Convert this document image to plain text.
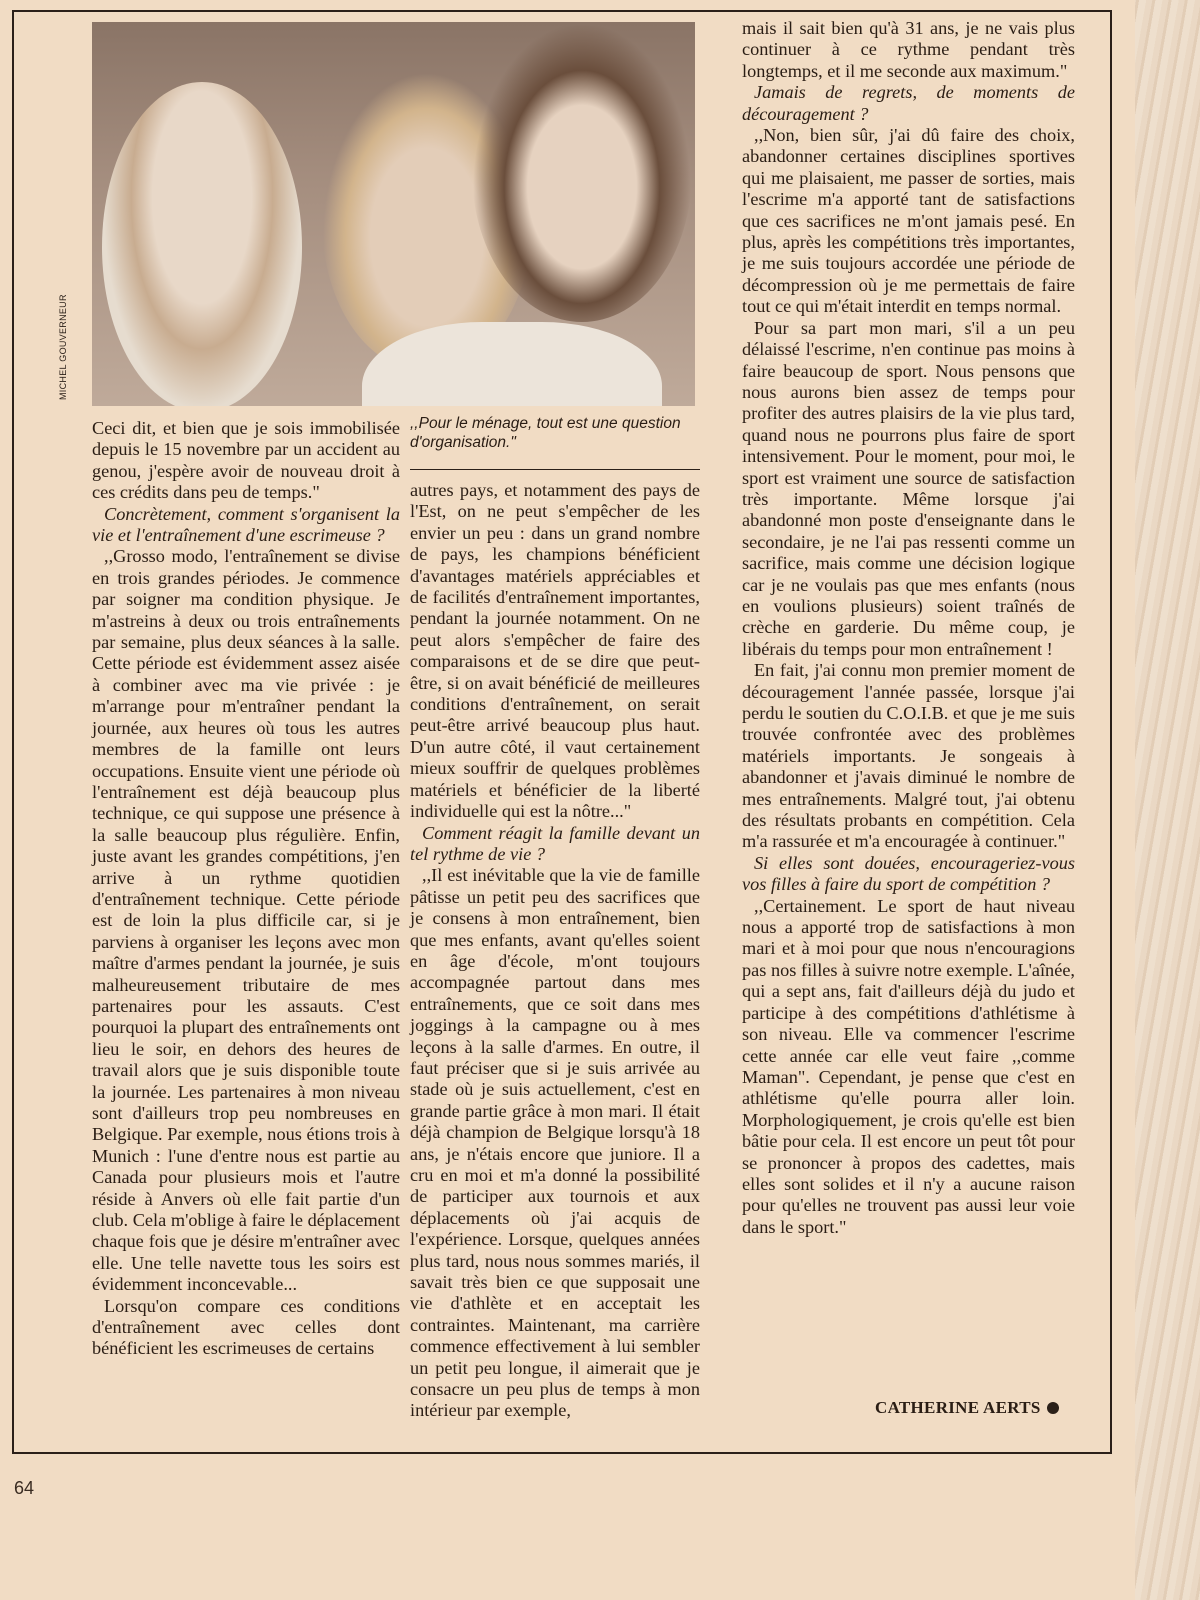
MICHEL GOUVERNEUR

Ceci dit, et bien que je sois immobilisée depuis le 15 novembre par un accident au genou, j'espère avoir de nouveau droit à ces crédits dans peu de temps."

Concrètement, comment s'organisent la vie et l'entraînement d'une escrimeuse ?

,,Grosso modo, l'entraînement se divise en trois grandes périodes. Je commence par soigner ma condition physique. Je m'astreins à deux ou trois entraînements par semaine, plus deux séances à la salle. Cette période est évidemment assez aisée à combiner avec ma vie privée : je m'arrange pour m'entraîner pendant la journée, aux heures où tous les autres membres de la famille ont leurs occupations. Ensuite vient une période où l'entraînement est déjà beaucoup plus technique, ce qui suppose une présence à la salle beaucoup plus régulière. Enfin, juste avant les grandes compétitions, j'en arrive à un rythme quotidien d'entraînement technique. Cette période est de loin la plus difficile car, si je parviens à organiser les leçons avec mon maître d'armes pendant la journée, je suis malheureusement tributaire de mes partenaires pour les assauts. C'est pourquoi la plupart des entraînements ont lieu le soir, en dehors des heures de travail alors que je suis disponible toute la journée. Les partenaires à mon niveau sont d'ailleurs trop peu nombreuses en Belgique. Par exemple, nous étions trois à Munich : l'une d'entre nous est partie au Canada pour plusieurs mois et l'autre réside à Anvers où elle fait partie d'un club. Cela m'oblige à faire le déplacement chaque fois que je désire m'entraîner avec elle. Une telle navette tous les soirs est évidemment inconcevable...

Lorsqu'on compare ces conditions d'entraînement avec celles dont bénéficient les escrimeuses de certains

,,Pour le ménage, tout est une question d'organisation."

autres pays, et notamment des pays de l'Est, on ne peut s'empêcher de les envier un peu : dans un grand nombre de pays, les champions bénéficient d'avantages matériels appréciables et de facilités d'entraînement importantes, pendant la journée notamment. On ne peut alors s'empêcher de faire des comparaisons et de se dire que peut-être, si on avait bénéficié de meilleures conditions d'entraînement, on serait peut-être arrivé beaucoup plus haut. D'un autre côté, il vaut certainement mieux souffrir de quelques problèmes matériels et bénéficier de la liberté individuelle qui est la nôtre..."

Comment réagit la famille devant un tel rythme de vie ?

,,Il est inévitable que la vie de famille pâtisse un petit peu des sacrifices que je consens à mon entraînement, bien que mes enfants, avant qu'elles soient en âge d'école, m'ont toujours accompagnée partout dans mes entraînements, que ce soit dans mes joggings à la campagne ou à mes leçons à la salle d'armes. En outre, il faut préciser que si je suis arrivée au stade où je suis actuellement, c'est en grande partie grâce à mon mari. Il était déjà champion de Belgique lorsqu'à 18 ans, je n'étais encore que juniore. Il a cru en moi et m'a donné la possibilité de participer aux tournois et aux déplacements où j'ai acquis de l'expérience. Lorsque, quelques années plus tard, nous nous sommes mariés, il savait très bien ce que supposait une vie d'athlète et en acceptait les contraintes. Maintenant, ma carrière commence effectivement à lui sembler un petit peu longue, il aimerait que je consacre un peu plus de temps à mon intérieur par exemple,

mais il sait bien qu'à 31 ans, je ne vais plus continuer à ce rythme pendant très longtemps, et il me seconde aux maximum."

Jamais de regrets, de moments de découragement ?

,,Non, bien sûr, j'ai dû faire des choix, abandonner certaines disciplines sportives qui me plaisaient, me passer de sorties, mais l'escrime m'a apporté tant de satisfactions que ces sacrifices ne m'ont jamais pesé. En plus, après les compétitions très importantes, je me suis toujours accordée une période de décompression où je me permettais de faire tout ce qui m'était interdit en temps normal.

Pour sa part mon mari, s'il a un peu délaissé l'escrime, n'en continue pas moins à faire beaucoup de sport. Nous pensons que nous aurons bien assez de temps pour profiter des autres plaisirs de la vie plus tard, quand nous ne pourrons plus faire de sport intensivement. Pour le moment, pour moi, le sport est vraiment une source de satisfaction très importante. Même lorsque j'ai abandonné mon poste d'enseignante dans le secondaire, je ne l'ai pas ressenti comme un sacrifice, mais comme une décision logique car je ne voulais pas que mes enfants (nous en voulions plusieurs) soient traînés de crèche en garderie. Du même coup, je libérais du temps pour mon entraînement !

En fait, j'ai connu mon premier moment de découragement l'année passée, lorsque j'ai perdu le soutien du C.O.I.B. et que je me suis trouvée confrontée avec des problèmes matériels importants. Je songeais à abandonner et j'avais diminué le nombre de mes entraînements. Malgré tout, j'ai obtenu des résultats probants en compétition. Cela m'a rassurée et m'a encouragée à continuer."

Si elles sont douées, encourageriez-vous vos filles à faire du sport de compétition ?

,,Certainement. Le sport de haut niveau nous a apporté trop de satisfactions à mon mari et à moi pour que nous n'encouragions pas nos filles à suivre notre exemple. L'aînée, qui a sept ans, fait d'ailleurs déjà du judo et participe à des compétitions d'athlétisme à son niveau. Elle va commencer l'escrime cette année car elle veut faire ,,comme Maman". Cependant, je pense que c'est en athlétisme qu'elle pourra aller loin. Morphologiquement, je crois qu'elle est bien bâtie pour cela. Il est encore un peut tôt pour se prononcer à propos des cadettes, mais elles sont solides et il n'y a aucune raison pour qu'elles ne trouvent pas aussi leur voie dans le sport."

CATHERINE AERTS
64
